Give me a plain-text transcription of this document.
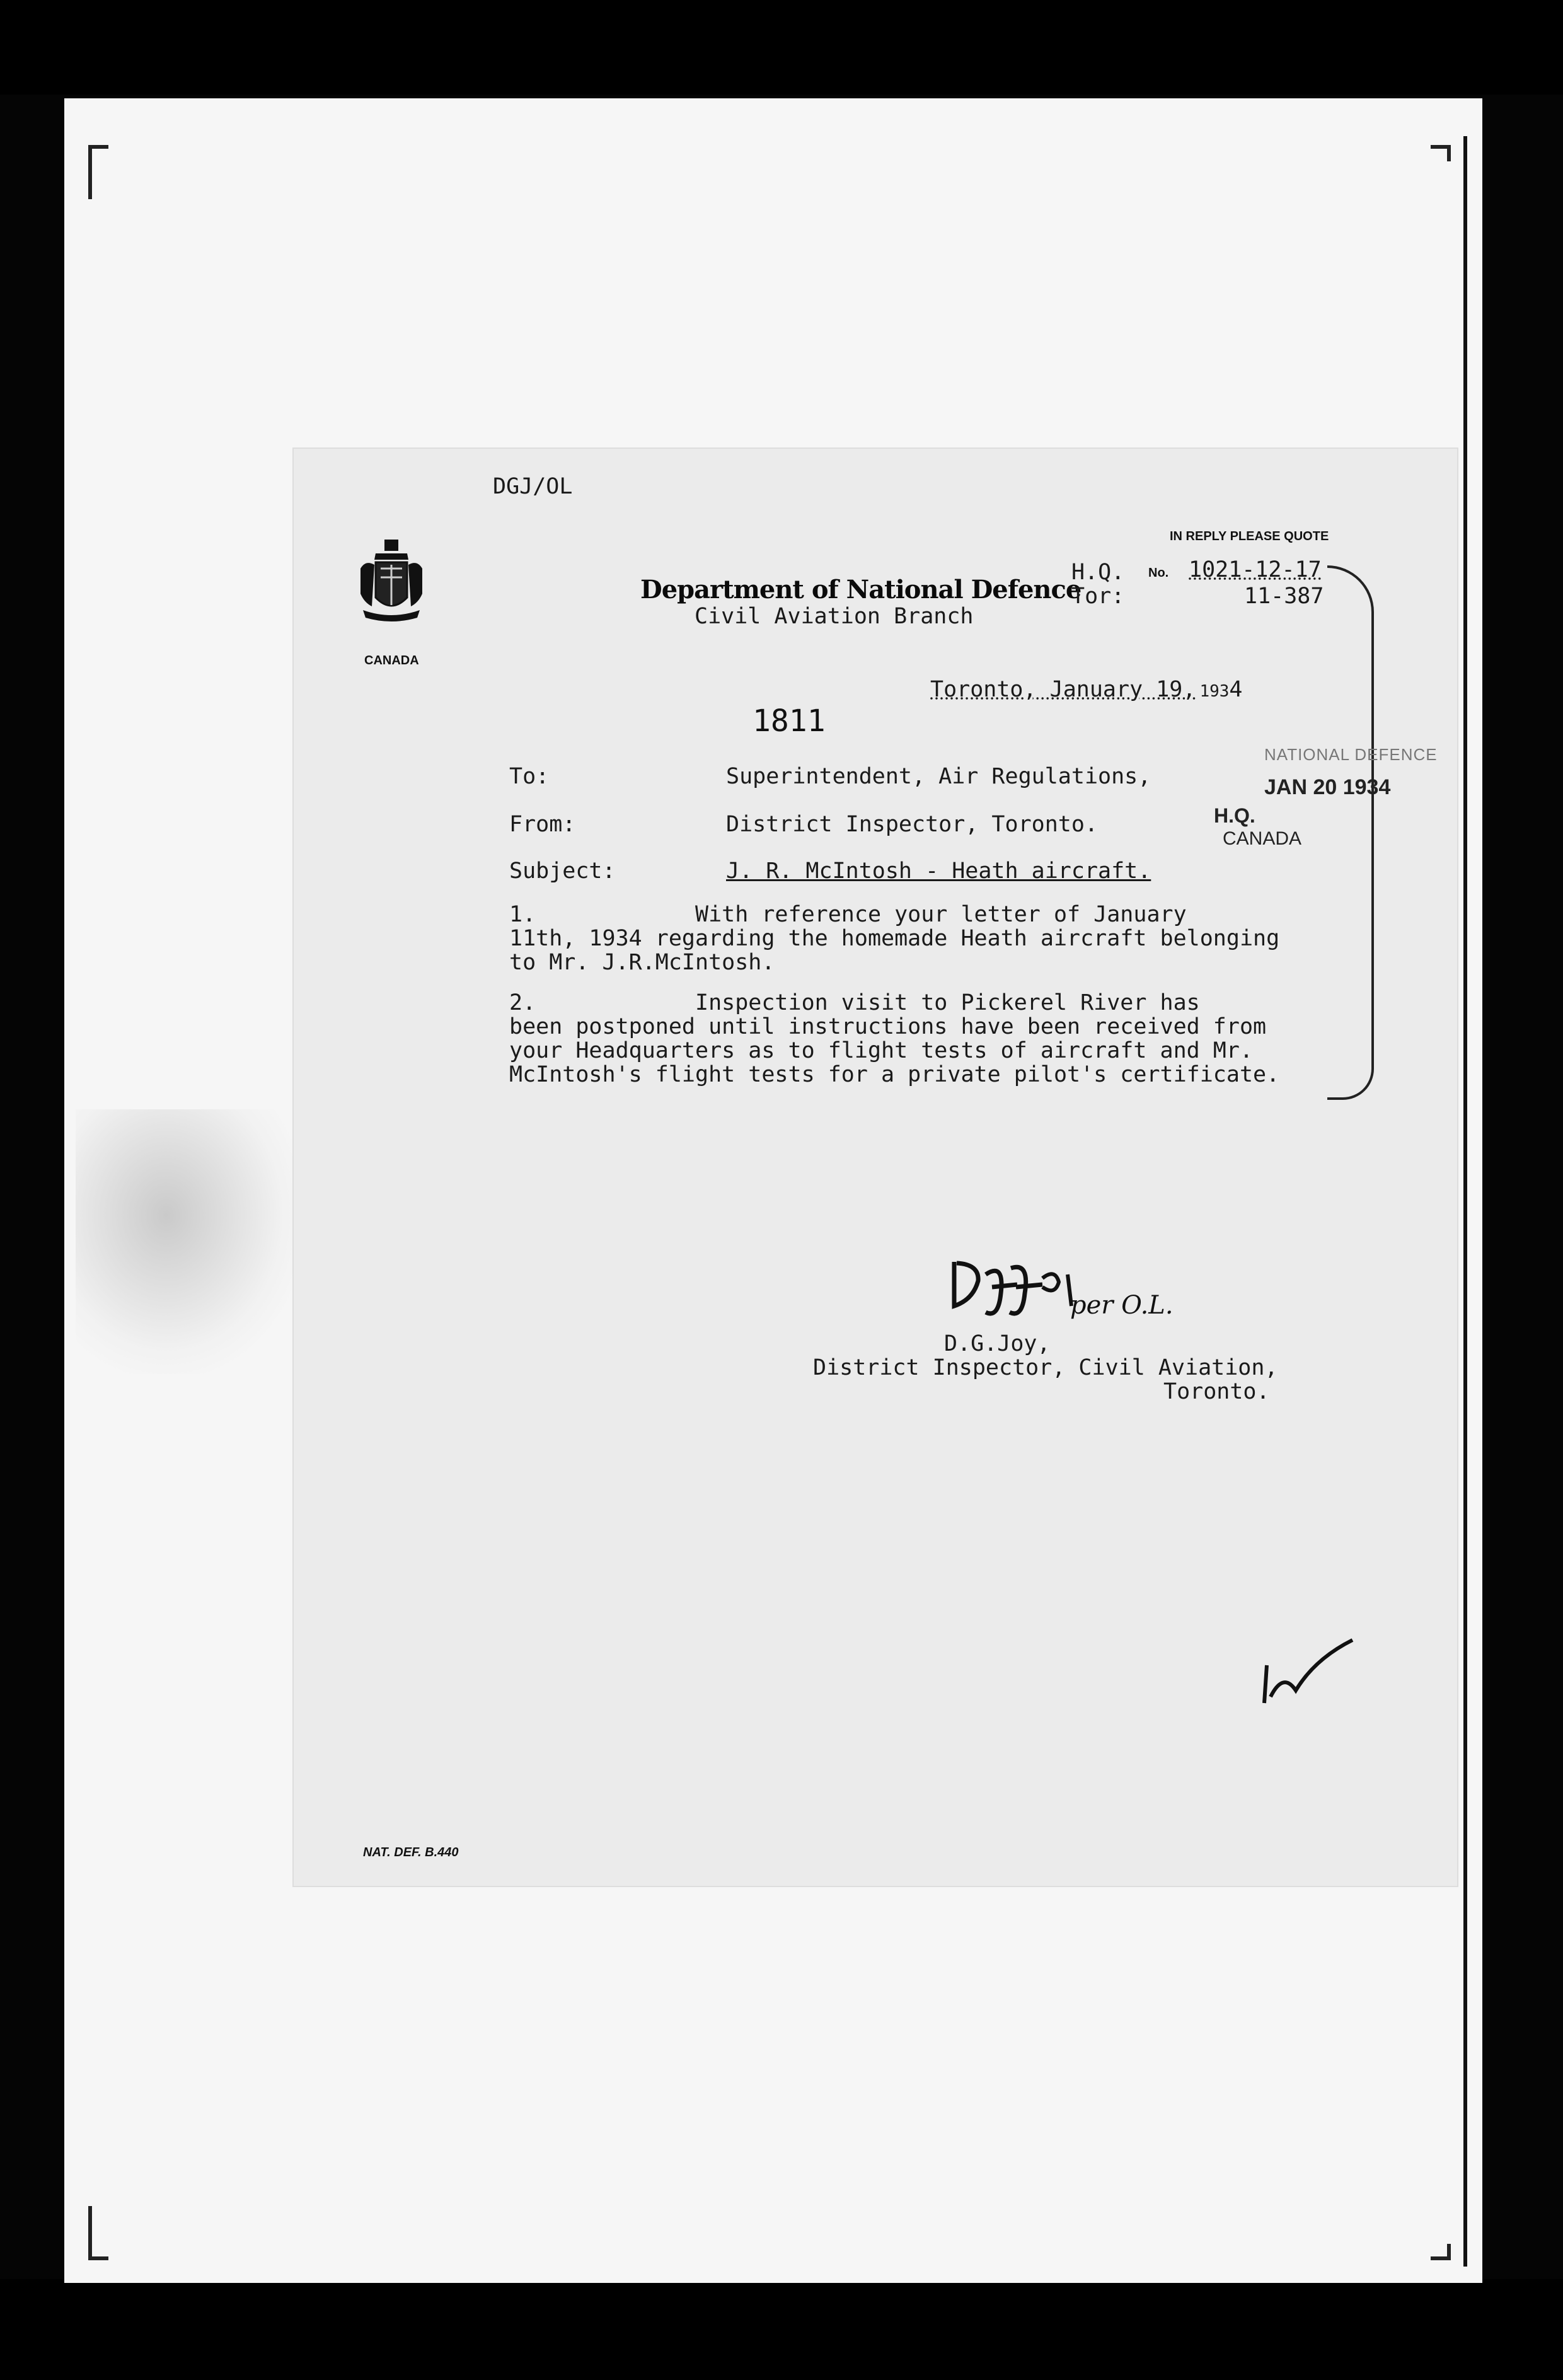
DGJ/OL
CANADA
Department of National Defence
Civil Aviation Branch
IN REPLY PLEASE QUOTE
H.Q. No. 1021-12-17
Tor:	11-387
Toronto, January 19, 1934
1811
NATIONAL DEFENCE
JAN 20 1934
H.Q.
CANADA
To:	Superintendent, Air Regulations,
From:	District Inspector, Toronto.
Subject:	J. R. McIntosh - Heath aircraft.
1.            With reference your letter of January
11th, 1934 regarding the homemade Heath aircraft belonging
to Mr. J.R.McIntosh.
2.            Inspection visit to Pickerel River has
been postponed until instructions have been received from
your Headquarters as to flight tests of aircraft and Mr.
McIntosh's flight tests for a private pilot's certificate.
per O.L.
D.G.Joy,
District Inspector, Civil Aviation,
Toronto.
NAT. DEF. B.440
